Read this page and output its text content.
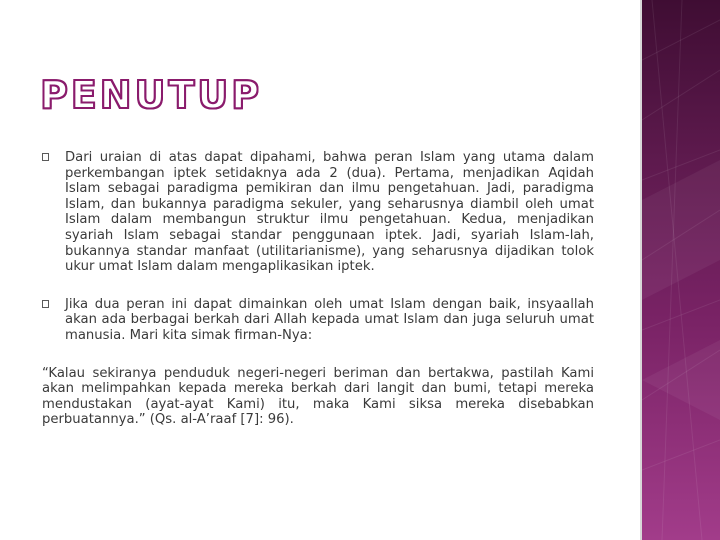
PENUTUP
Dari uraian di atas dapat dipahami, bahwa peran Islam yang utama dalam perkembangan iptek setidaknya ada 2 (dua). Pertama, menjadikan Aqidah Islam sebagai paradigma pemikiran dan ilmu pengetahuan. Jadi, paradigma Islam, dan bukannya paradigma sekuler, yang seharusnya diambil oleh umat Islam dalam membangun struktur ilmu pengetahuan. Kedua, menjadikan syariah Islam sebagai standar penggunaan iptek. Jadi, syariah Islam-lah, bukannya standar manfaat (utilitarianisme), yang seharusnya dijadikan tolok ukur umat Islam dalam mengaplikasikan iptek.
Jika dua peran ini dapat dimainkan oleh umat Islam dengan baik, insyaallah akan ada berbagai berkah dari Allah kepada umat Islam dan juga seluruh umat manusia. Mari kita simak firman-Nya:
“Kalau sekiranya penduduk negeri-negeri beriman dan bertakwa, pastilah Kami akan melimpahkan kepada mereka berkah dari langit dan bumi, tetapi mereka mendustakan (ayat-ayat Kami) itu, maka Kami siksa mereka disebabkan perbuatannya.” (Qs. al-A’raaf [7]: 96).
